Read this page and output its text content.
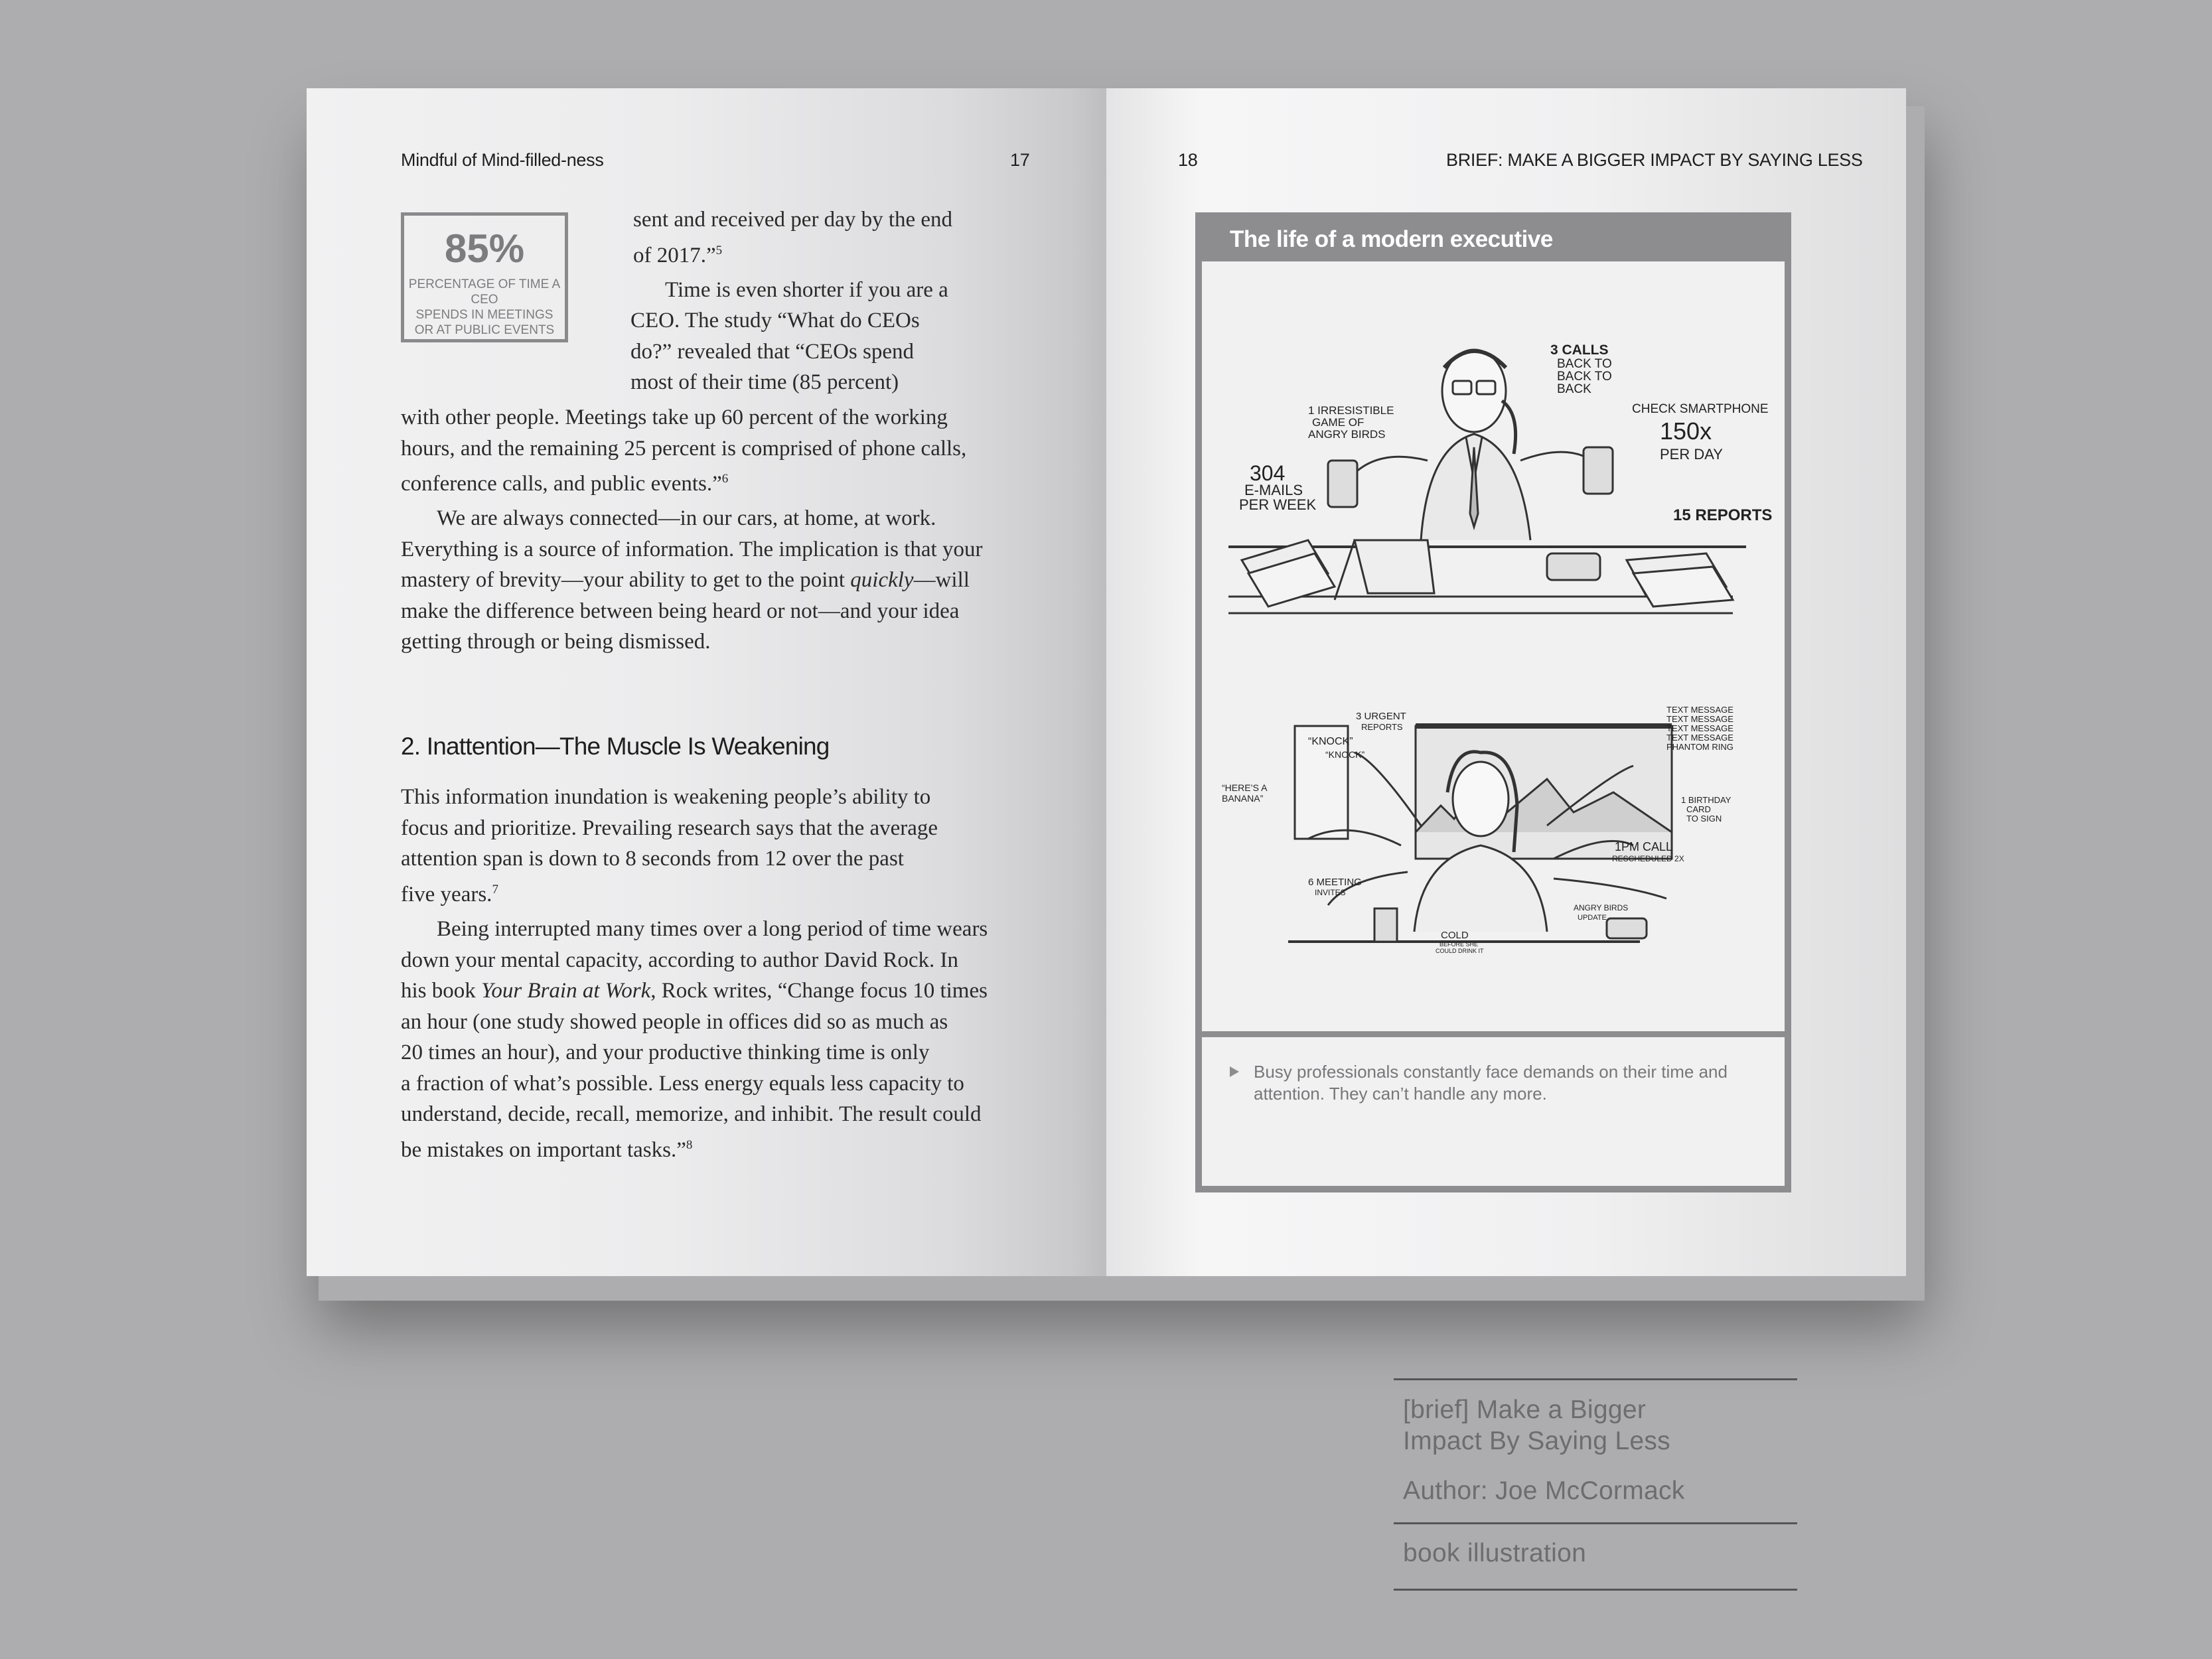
Mindful of Mind-filled-ness	17
85%
PERCENTAGE OF TIME A CEO
SPENDS IN MEETINGS
OR AT PUBLIC EVENTS
sent and received per day by the end
of 2017.”$^5$
Time is even shorter if you are a
CEO. The study “What do CEOs
do?” revealed that “CEOs spend
most of their time (85 percent)
with other people. Meetings take up 60 percent of the working
hours, and the remaining 25 percent is comprised of phone calls,
conference calls, and public events.”$^6$
We are always connected—in our cars, at home, at work.
Everything is a source of information. The implication is that your
mastery of brevity—your ability to get to the point quickly—will
make the difference between being heard or not—and your idea
getting through or being dismissed.
2. Inattention—The Muscle Is Weakening
This information inundation is weakening people’s ability to
focus and prioritize. Prevailing research says that the average
attention span is down to 8 seconds from 12 over the past
five years.$^7$
Being interrupted many times over a long period of time wears
down your mental capacity, according to author David Rock. In
his book Your Brain at Work, Rock writes, “Change focus 10 times
an hour (one study showed people in offices did so as much as
20 times an hour), and your productive thinking time is only
a fraction of what’s possible. Less energy equals less capacity to
understand, decide, recall, memorize, and inhibit. The result could
be mistakes on important tasks.”$^8$
18	BRIEF: MAKE A BIGGER IMPACT BY SAYING LESS
The life of a modern executive
3 CALLS
BACK TO
BACK TO
BACK
1 IRRESISTIBLE
GAME OF
ANGRY BIRDS
CHECK SMARTPHONE
150x
PER DAY
304
E-MAILS
PER WEEK
15 REPORTS
3 URGENT
REPORTS
“KNOCK”
“KNOCK”
“HERE’S A
BANANA”
TEXT MESSAGE
TEXT MESSAGE
TEXT MESSAGE
TEXT MESSAGE
PHANTOM RING
1 BIRTHDAY
CARD
TO SIGN
1PM CALL
RESCHEDULED 2X
6 MEETING
INVITES
COLD
BEFORE SHE
COULD DRINK IT
ANGRY BIRDS
UPDATE

Busy professionals constantly face demands on their time and attention. They can’t handle any more.

[brief] Make a Bigger
Impact By Saying Less
Author: Joe McCormack
book illustration
